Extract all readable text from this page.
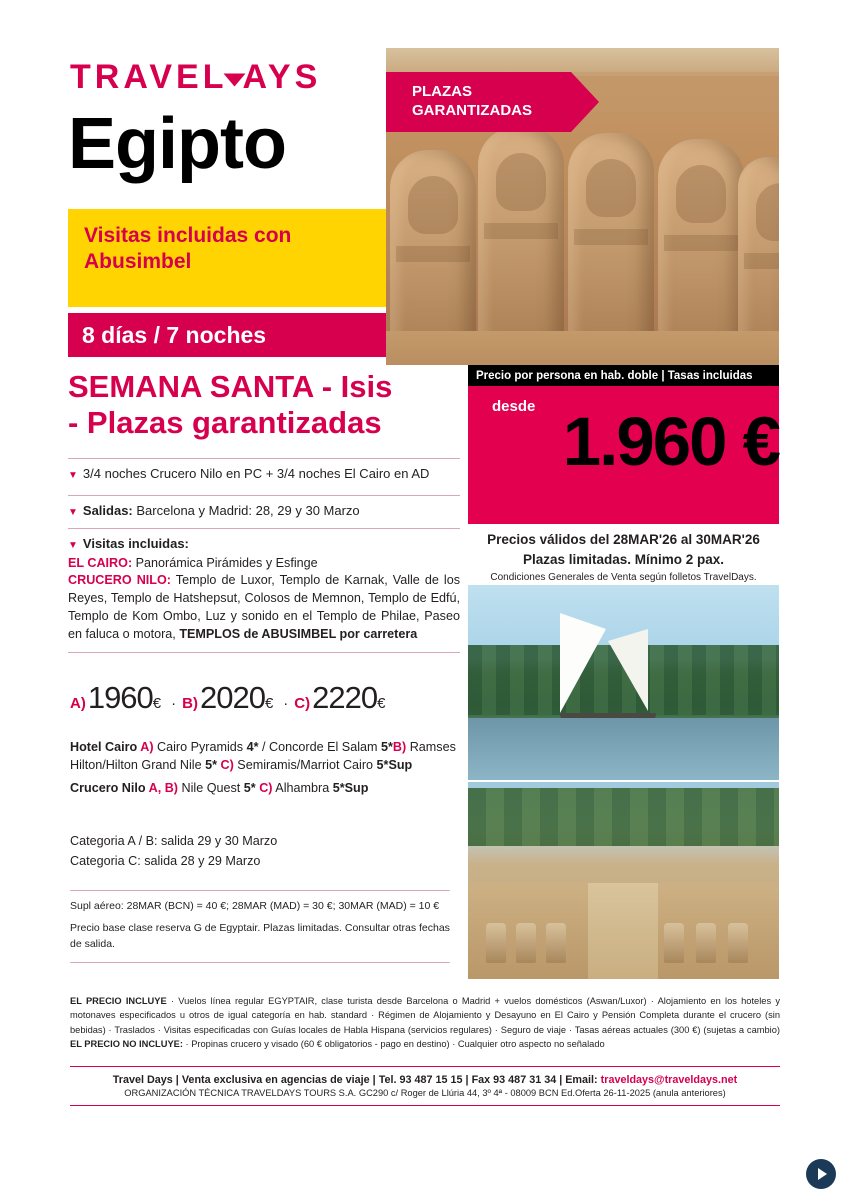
TRAVEL AYS
Egipto
Visitas incluidas con
Abusimbel
8 días / 7 noches
PLAZAS
GARANTIZADAS
SEMANA SANTA - Isis
- Plazas garantizadas
▼ 3/4 noches Crucero Nilo en PC + 3/4 noches El Cairo en AD
▼ Salidas: Barcelona y Madrid: 28, 29 y 30 Marzo
▼ Visitas incluidas:
EL CAIRO: Panorámica Pirámides y Esfinge
CRUCERO NILO: Templo de Luxor, Templo de Karnak, Valle de los Reyes, Templo de Hatshepsut, Colosos de Memnon, Templo de Edfú, Templo de Kom Ombo, Luz y sonido en el Templo de Philae, Paseo en faluca o motora, TEMPLOS de ABUSIMBEL por carretera
Precio por persona en hab. doble | Tasas incluidas
desde 1.960 €
Precios válidos del 28MAR'26 al 30MAR'26
Plazas limitadas. Mínimo 2 pax.
Condiciones Generales de Venta según folletos TravelDays.
A) 1960 € · B) 2020 € · C) 2220 €
Hotel Cairo A) Cairo Pyramids 4* / Concorde El Salam 5*B) Ramses Hilton/Hilton Grand Nile 5* C) Semiramis/Marriot Cairo 5*Sup
Crucero Nilo A, B) Nile Quest 5* C) Alhambra 5*Sup
Categoria A / B: salida 29 y 30 Marzo
Categoria C: salida 28 y 29 Marzo
Supl aéreo: 28MAR (BCN) = 40 €; 28MAR (MAD) = 30 €; 30MAR (MAD) = 10 €
Precio base clase reserva G de Egyptair. Plazas limitadas. Consultar otras fechas de salida.
EL PRECIO INCLUYE · Vuelos línea regular EGYPTAIR, clase turista desde Barcelona o Madrid + vuelos domésticos (Aswan/Luxor) · Alojamiento en los hoteles y motonaves especificados u otros de igual categoría en hab. standard · Régimen de Alojamiento y Desayuno en El Cairo y Pensión Completa durante el crucero (sin bebidas) · Traslados · Visitas especificadas con Guías locales de Habla Hispana (servicios regulares) · Seguro de viaje · Tasas aéreas actuales (300 €) (sujetas a cambio) EL PRECIO NO INCLUYE: · Propinas crucero y visado (60 € obligatorios - pago en destino) · Cualquier otro aspecto no señalado
Travel Days | Venta exclusiva en agencias de viaje | Tel. 93 487 15 15 | Fax 93 487 31 34 | Email: traveldays@traveldays.net
ORGANIZACIÓN TÉCNICA TRAVELDAYS TOURS S.A. GC290 c/ Roger de Llúria 44, 3º 4ª - 08009 BCN Ed.Oferta 26-11-2025 (anula anteriores)
